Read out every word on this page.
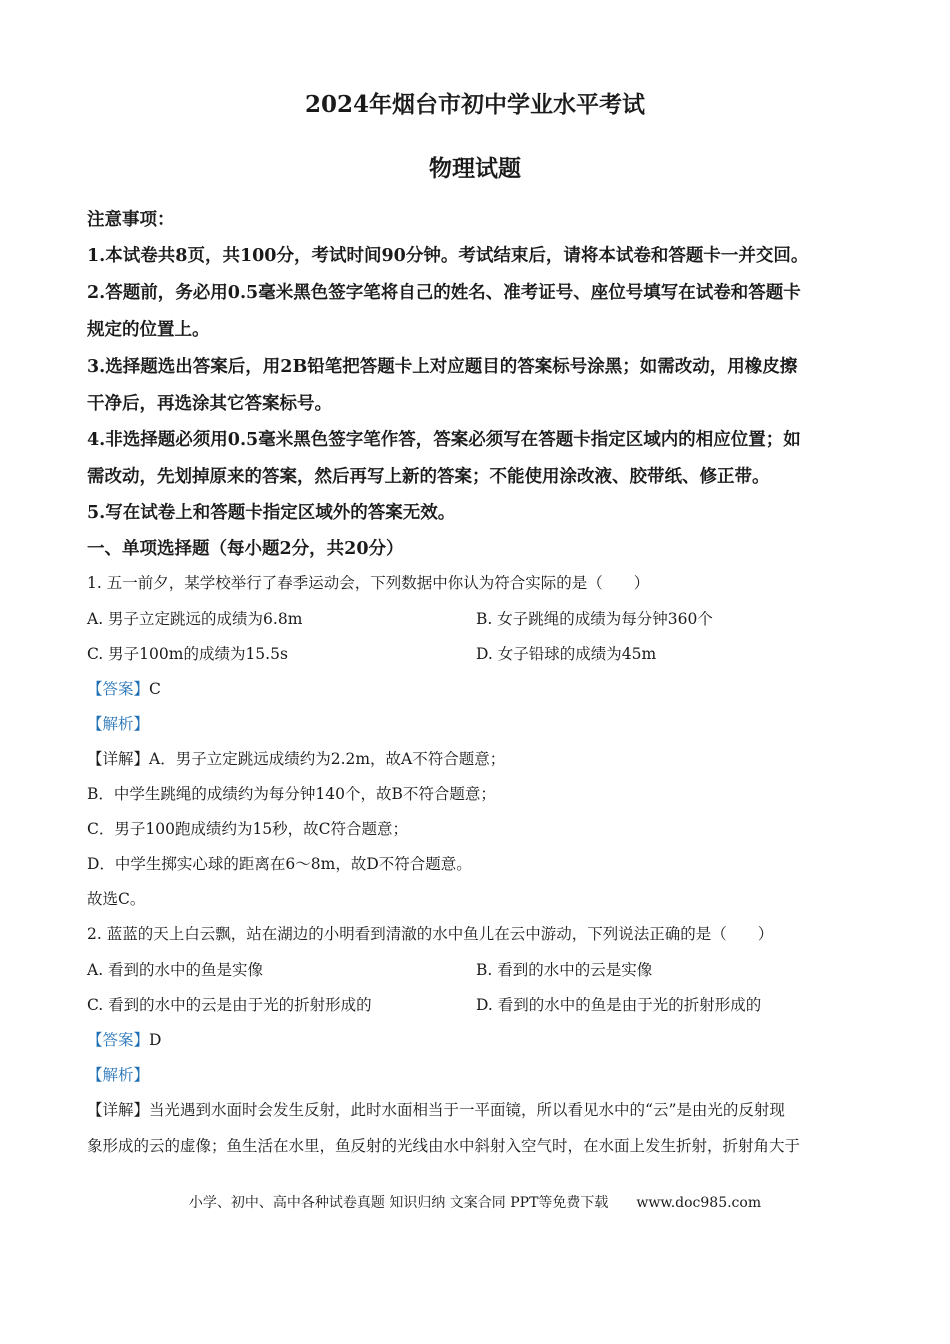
2024年烟台市初中学业水平考试
物理试题
注意事项：
1.本试卷共8页，共100分，考试时间90分钟。考试结束后，请将本试卷和答题卡一并交回。
2.答题前，务必用0.5毫米黑色签字笔将自己的姓名、准考证号、座位号填写在试卷和答题卡
规定的位置上。
3.选择题选出答案后，用2B铅笔把答题卡上对应题目的答案标号涂黑；如需改动，用橡皮擦
干净后，再选涂其它答案标号。
4.非选择题必须用0.5毫米黑色签字笔作答，答案必须写在答题卡指定区域内的相应位置；如
需改动，先划掉原来的答案，然后再写上新的答案；不能使用涂改液、胶带纸、修正带。
5.写在试卷上和答题卡指定区域外的答案无效。
一、单项选择题（每小题2分，共20分）
1. 五一前夕，某学校举行了春季运动会，下列数据中你认为符合实际的是（　　）
A. 男子立定跳远的成绩为6.8m	B. 女子跳绳的成绩为每分钟360个
C. 男子100m的成绩为15.5s	D. 女子铅球的成绩为45m
【答案】C
【解析】
【详解】A．男子立定跳远成绩约为2.2m，故A不符合题意；
B．中学生跳绳的成绩约为每分钟140个，故B不符合题意；
C．男子100跑成绩约为15秒，故C符合题意；
D．中学生掷实心球的距离在6～8m，故D不符合题意。
故选C。
2. 蓝蓝的天上白云飘，站在湖边的小明看到清澈的水中鱼儿在云中游动，下列说法正确的是（　　）
A. 看到的水中的鱼是实像	B. 看到的水中的云是实像
C. 看到的水中的云是由于光的折射形成的	D. 看到的水中的鱼是由于光的折射形成的
【答案】D
【解析】
【详解】当光遇到水面时会发生反射，此时水面相当于一平面镜，所以看见水中的“云”是由光的反射现
象形成的云的虚像；鱼生活在水里，鱼反射的光线由水中斜射入空气时，在水面上发生折射，折射角大于
小学、初中、高中各种试卷真题 知识归纳 文案合同 PPT等免费下载　　www.doc985.com
